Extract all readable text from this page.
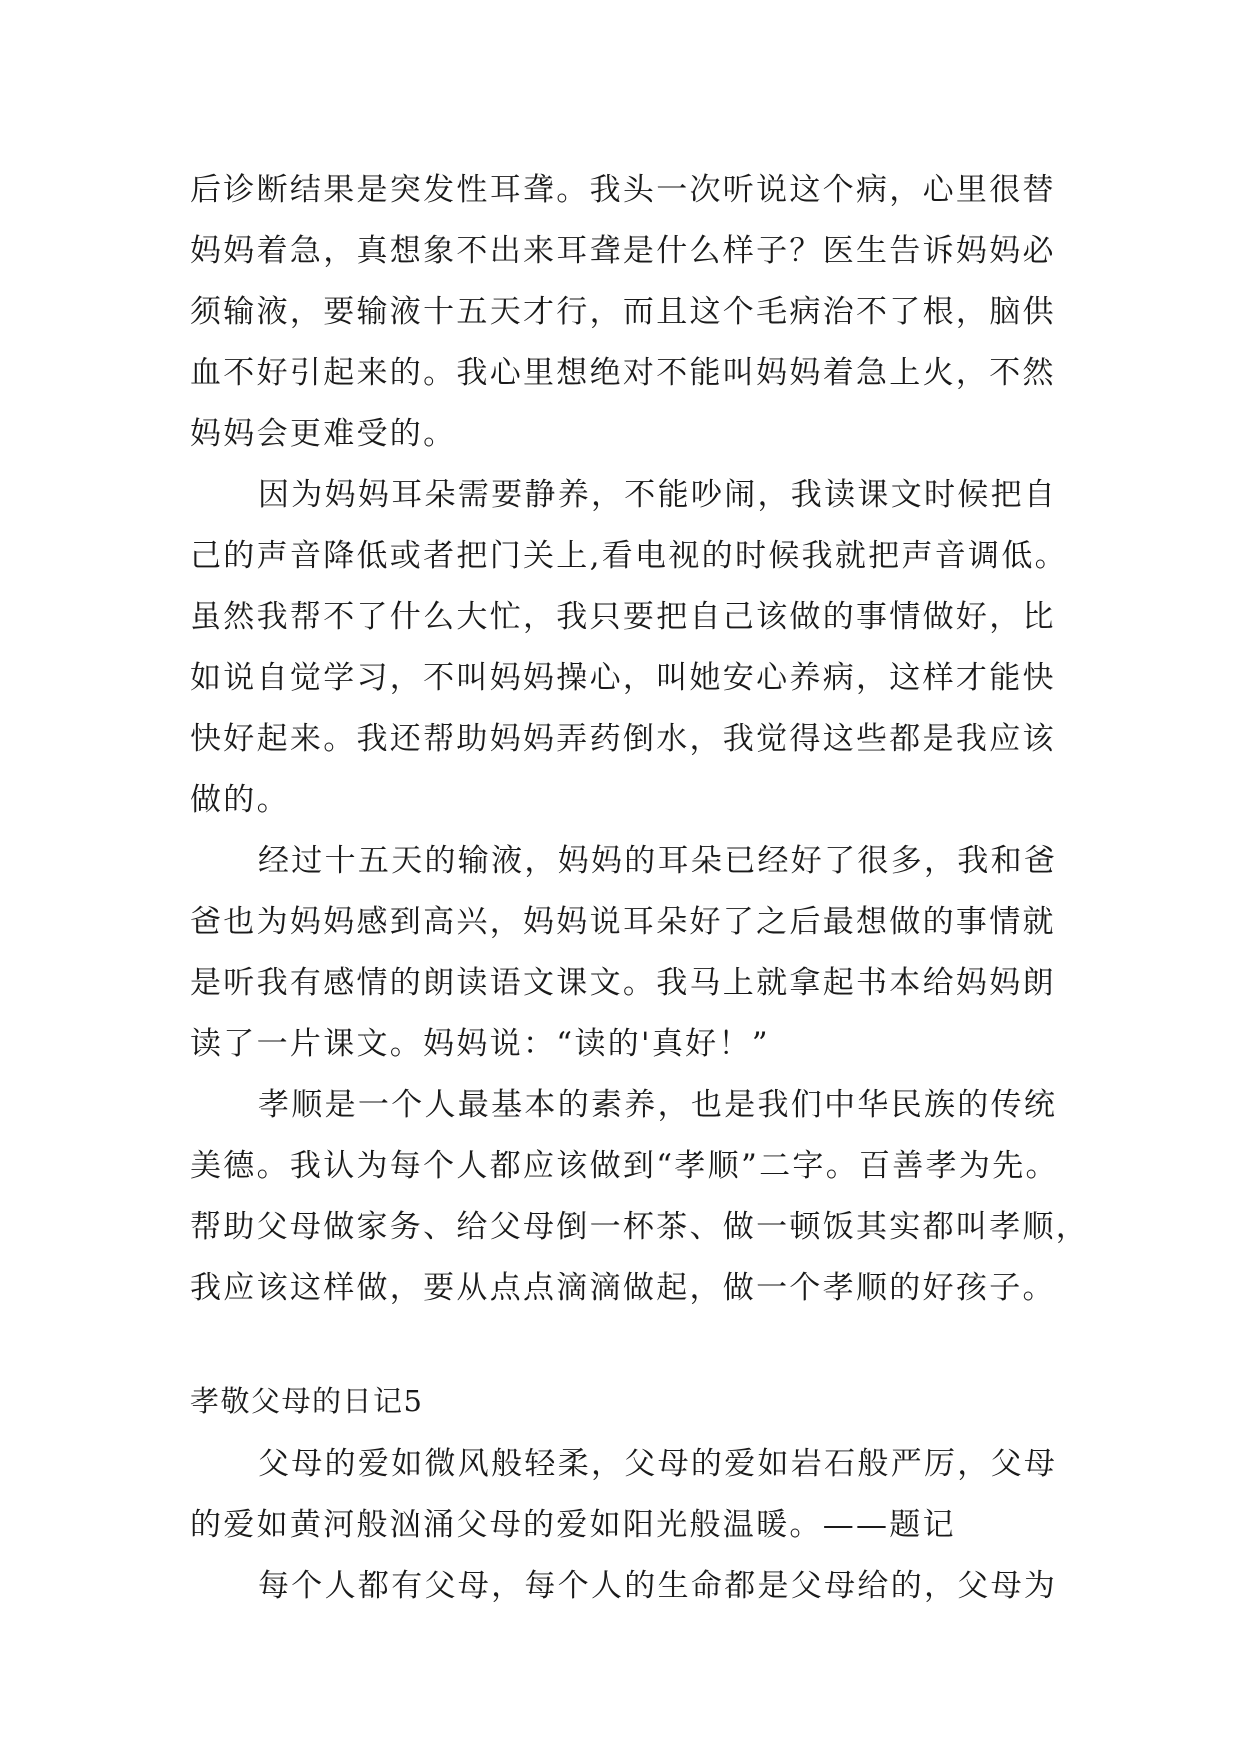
后诊断结果是突发性耳聋。我头一次听说这个病，心里很替
妈妈着急，真想象不出来耳聋是什么样子？医生告诉妈妈必
须输液，要输液十五天才行，而且这个毛病治不了根，脑供
血不好引起来的。我心里想绝对不能叫妈妈着急上火，不然
妈妈会更难受的。
因为妈妈耳朵需要静养，不能吵闹，我读课文时候把自
己的声音降低或者把门关上,看电视的时候我就把声音调低。
虽然我帮不了什么大忙，我只要把自己该做的事情做好，比
如说自觉学习，不叫妈妈操心，叫她安心养病，这样才能快
快好起来。我还帮助妈妈弄药倒水，我觉得这些都是我应该
做的。
经过十五天的输液，妈妈的耳朵已经好了很多，我和爸
爸也为妈妈感到高兴，妈妈说耳朵好了之后最想做的事情就
是听我有感情的朗读语文课文。我马上就拿起书本给妈妈朗
读了一片课文。妈妈说：“读的'真好！”
孝顺是一个人最基本的素养，也是我们中华民族的传统
美德。我认为每个人都应该做到“孝顺”二字。百善孝为先。
帮助父母做家务、给父母倒一杯茶、做一顿饭其实都叫孝顺，
我应该这样做，要从点点滴滴做起，做一个孝顺的好孩子。
孝敬父母的日记5
父母的爱如微风般轻柔，父母的爱如岩石般严厉，父母
的爱如黄河般汹涌父母的爱如阳光般温暖。——题记
每个人都有父母，每个人的生命都是父母给的，父母为
